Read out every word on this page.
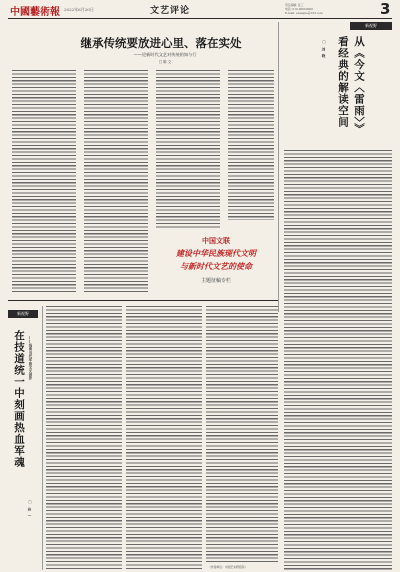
中國藝術報 2022年6月20日	文艺评论
责任编辑: 张三
电话: 010-00000000
E-mail: example@163.com	3
继承传统要放进心里、落在实处
——论新时代文艺对传统的知与行
□ 陈 文
中国文联
建设中华民族现代文明
与新时代文艺的使命
主题征稿专栏
新视野
从《今文〈雷雨〉》
看经典的解读空间
□ 刘 晓
新视野
在技道统一中刻画热血军魂 ——浅谈当代军旅文艺创作
□ 孙 一
（作者单位：中国艺术研究院）
